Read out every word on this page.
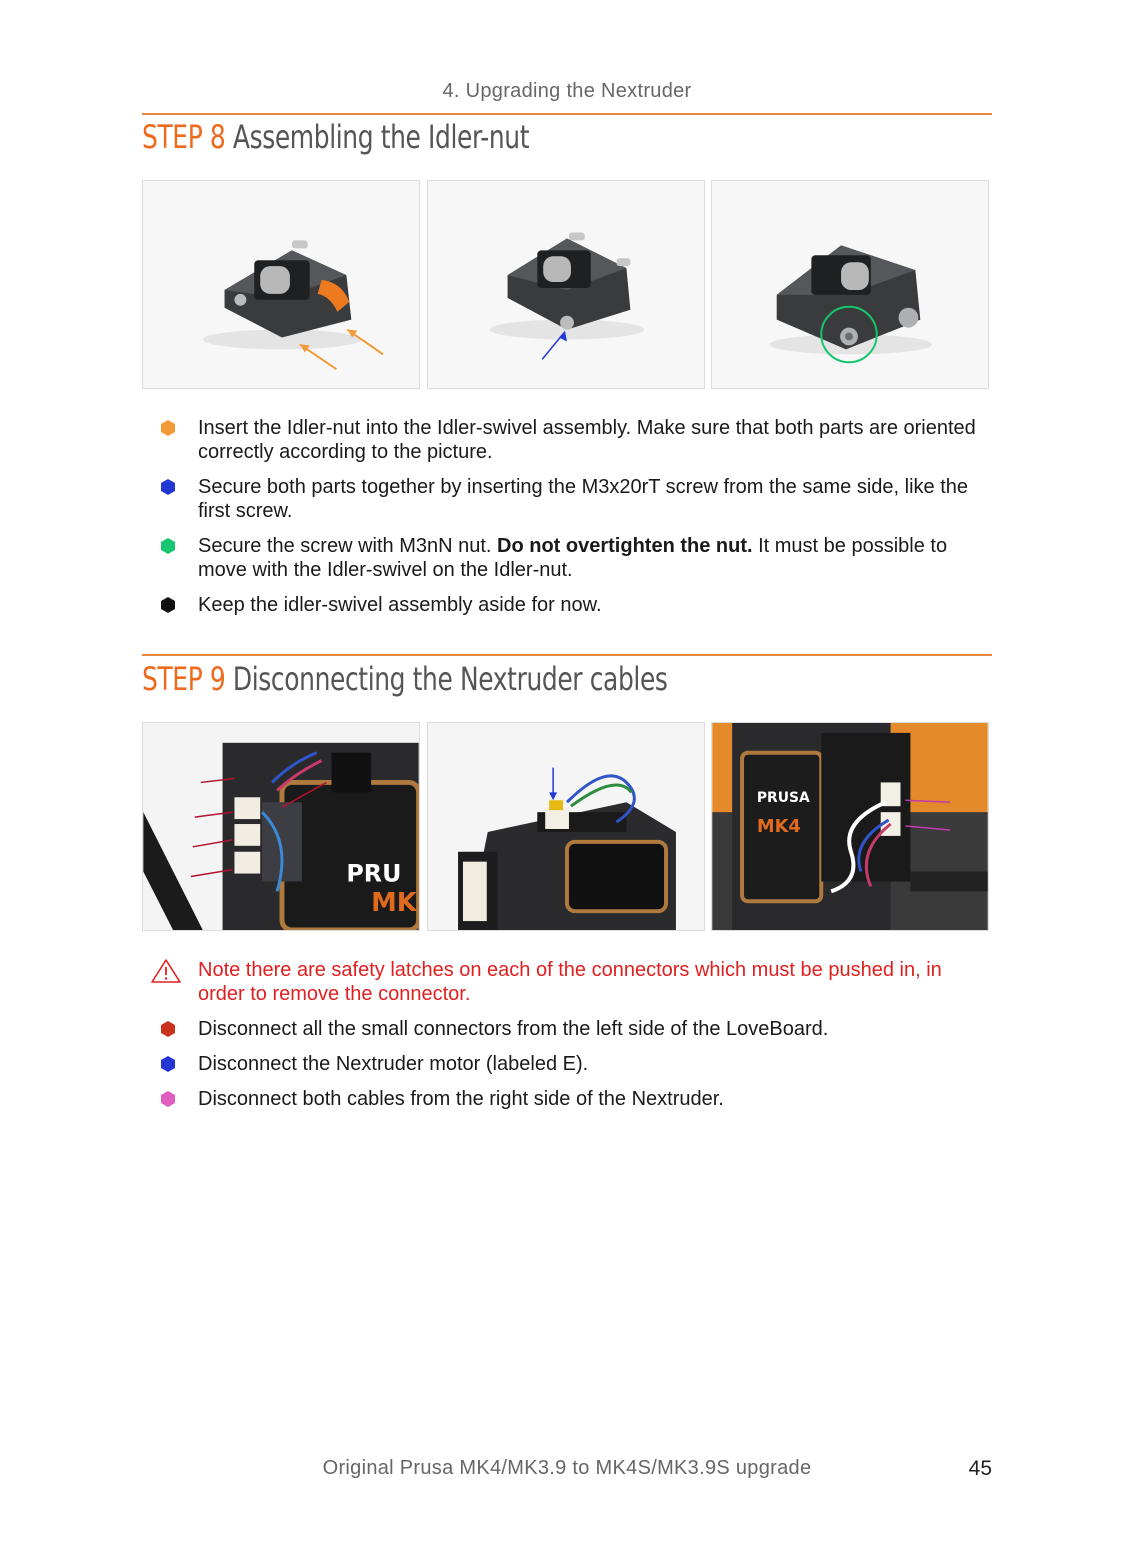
4. Upgrading the Nextruder
STEP 8 Assembling the Idler-nut
Insert the Idler-nut into the Idler-swivel assembly. Make sure that both parts are oriented correctly according to the picture.
Secure both parts together by inserting the M3x20rT screw from the same side, like the first screw.
Secure the screw with M3nN nut. Do not overtighten the nut. It must be possible to move with the Idler-swivel on the Idler-nut.
Keep the idler-swivel assembly aside for now.
STEP 9 Disconnecting the Nextruder cables
PRU
MK
PRUSA
MK4
Note there are safety latches on each of the connectors which must be pushed in, in order to remove the connector.
Disconnect all the small connectors from the left side of the LoveBoard.
Disconnect the Nextruder motor (labeled E).
Disconnect both cables from the right side of the Nextruder.
Original Prusa MK4/MK3.9 to MK4S/MK3.9S upgrade	45
